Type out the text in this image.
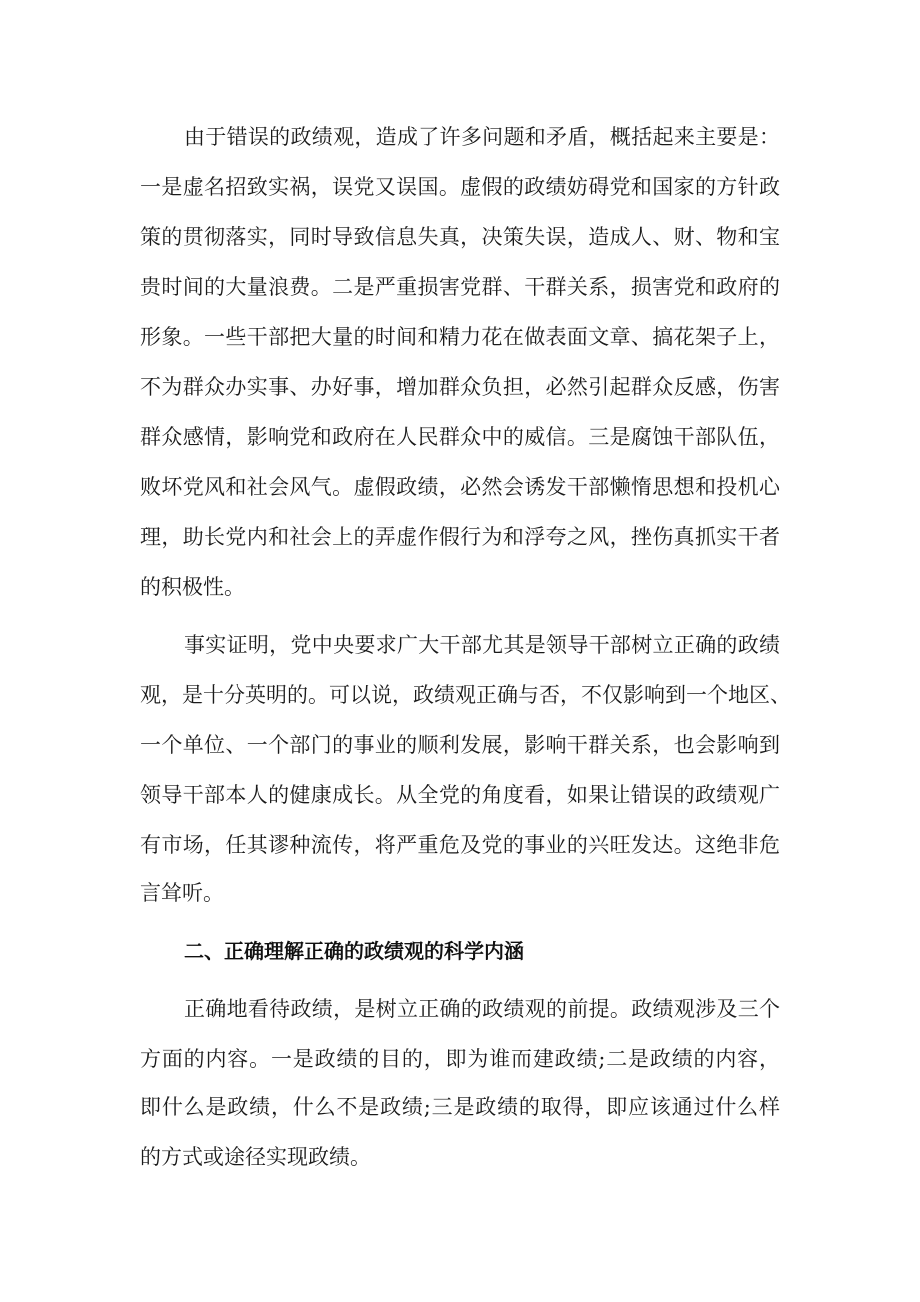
由于错误的政绩观，造成了许多问题和矛盾，概括起来主要是：
一是虚名招致实祸，误党又误国。虚假的政绩妨碍党和国家的方针政
策的贯彻落实，同时导致信息失真，决策失误，造成人、财、物和宝
贵时间的大量浪费。二是严重损害党群、干群关系，损害党和政府的
形象。一些干部把大量的时间和精力花在做表面文章、搞花架子上，
不为群众办实事、办好事，增加群众负担，必然引起群众反感，伤害
群众感情，影响党和政府在人民群众中的威信。三是腐蚀干部队伍，
败坏党风和社会风气。虚假政绩，必然会诱发干部懒惰思想和投机心
理，助长党内和社会上的弄虚作假行为和浮夸之风，挫伤真抓实干者
的积极性。
事实证明，党中央要求广大干部尤其是领导干部树立正确的政绩
观，是十分英明的。可以说，政绩观正确与否，不仅影响到一个地区、
一个单位、一个部门的事业的顺利发展，影响干群关系，也会影响到
领导干部本人的健康成长。从全党的角度看，如果让错误的政绩观广
有市场，任其谬种流传，将严重危及党的事业的兴旺发达。这绝非危
言耸听。
二、正确理解正确的政绩观的科学内涵
正确地看待政绩，是树立正确的政绩观的前提。政绩观涉及三个
方面的内容。一是政绩的目的，即为谁而建政绩;二是政绩的内容，
即什么是政绩，什么不是政绩;三是政绩的取得，即应该通过什么样
的方式或途径实现政绩。
